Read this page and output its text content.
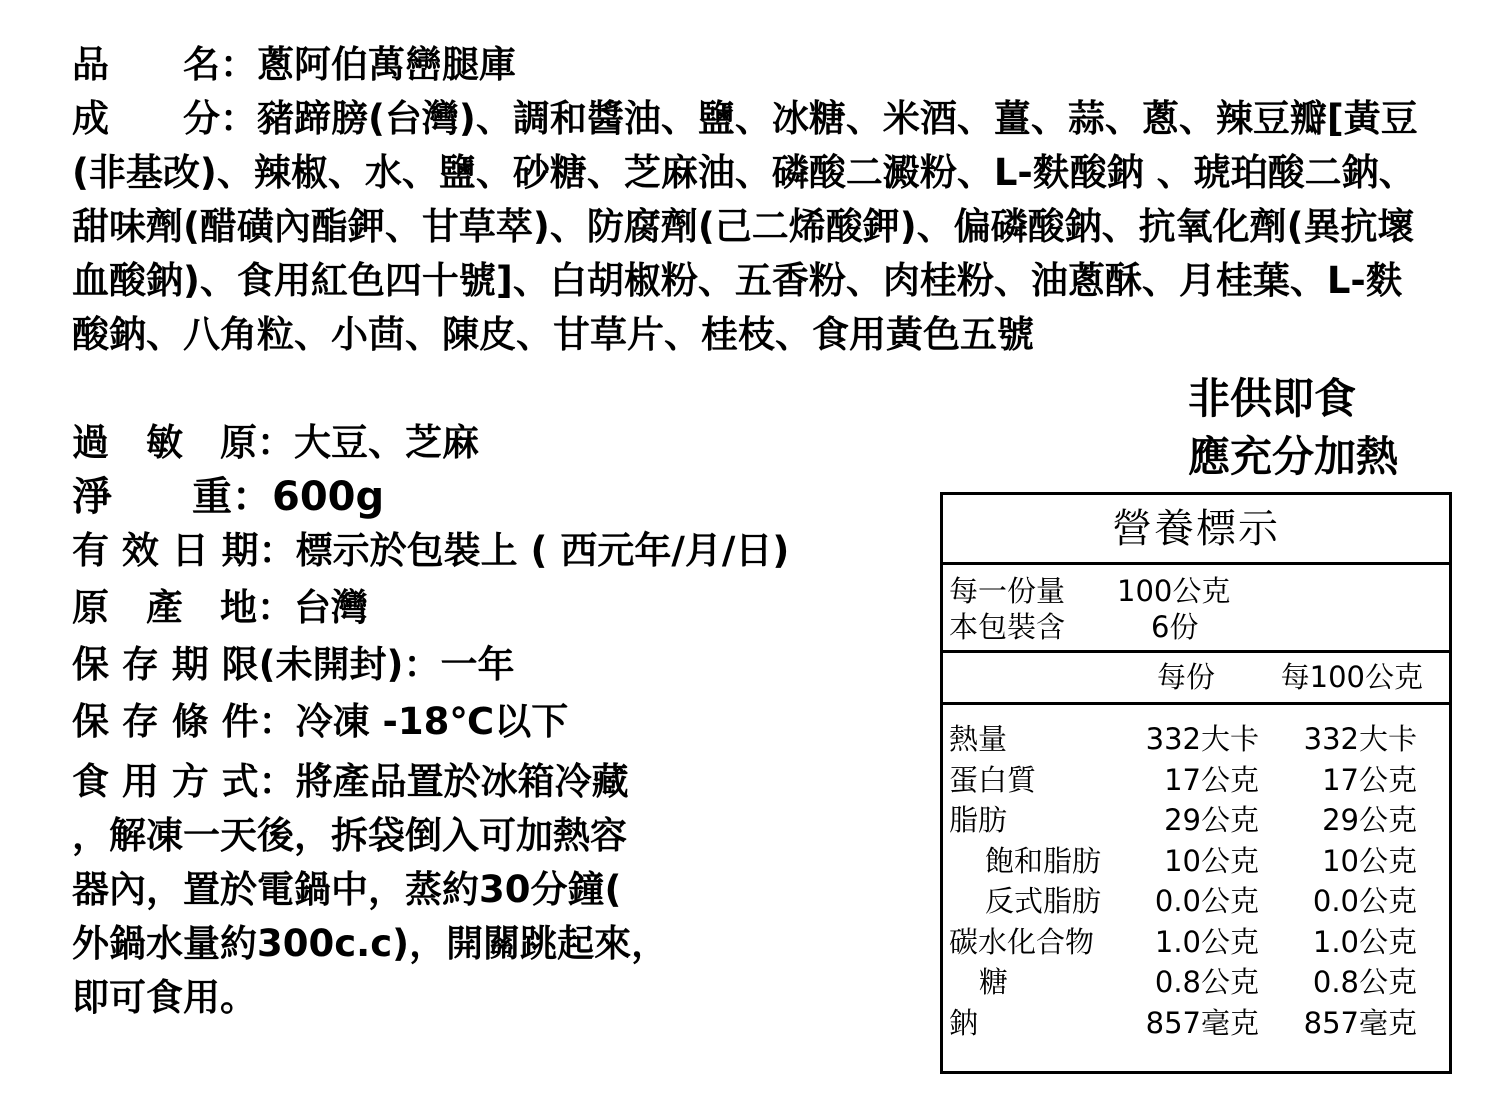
品　　名：蔥阿伯萬巒腿庫
成　　分：豬蹄膀(台灣)、調和醬油、鹽、冰糖、米酒、薑、蒜、蔥、辣豆瓣[黃豆(非基改)、辣椒、水、鹽、砂糖、芝麻油、磷酸二澱粉、L-麩酸鈉 、琥珀酸二鈉、甜味劑(醋磺內酯鉀、甘草萃)、防腐劑(己二烯酸鉀)、偏磷酸鈉、抗氧化劑(異抗壞血酸鈉)、食用紅色四十號]、白胡椒粉、五香粉、肉桂粉、油蔥酥、月桂葉、L-麩酸鈉、八角粒、小茴、陳皮、甘草片、桂枝、食用黃色五號
過　敏　原：大豆、芝麻
淨　　重：600g
有 效 日 期：標示於包裝上 ( 西元年/月/日)
原　產　地：台灣
保 存 期 限(未開封)：一年
保 存 條 件：冷凍 -18℃以下
食 用 方 式：將產品置於冰箱冷藏
，解凍一天後，拆袋倒入可加熱容
器內，置於電鍋中，蒸約30分鐘(
外鍋水量約300c.c)，開關跳起來，
即可食用。
非供即食
應充分加熱
營養標示
每一份量 100公克
本包裝含	6份
每份 每100公克
熱量	332大卡 332大卡
蛋白質	17公克 17公克
脂肪	29公克 29公克
飽和脂肪 10公克 10公克
反式脂肪 0.0公克 0.0公克
碳水化合物 1.0公克 1.0公克
糖	0.8公克 0.8公克
鈉	857毫克 857毫克
